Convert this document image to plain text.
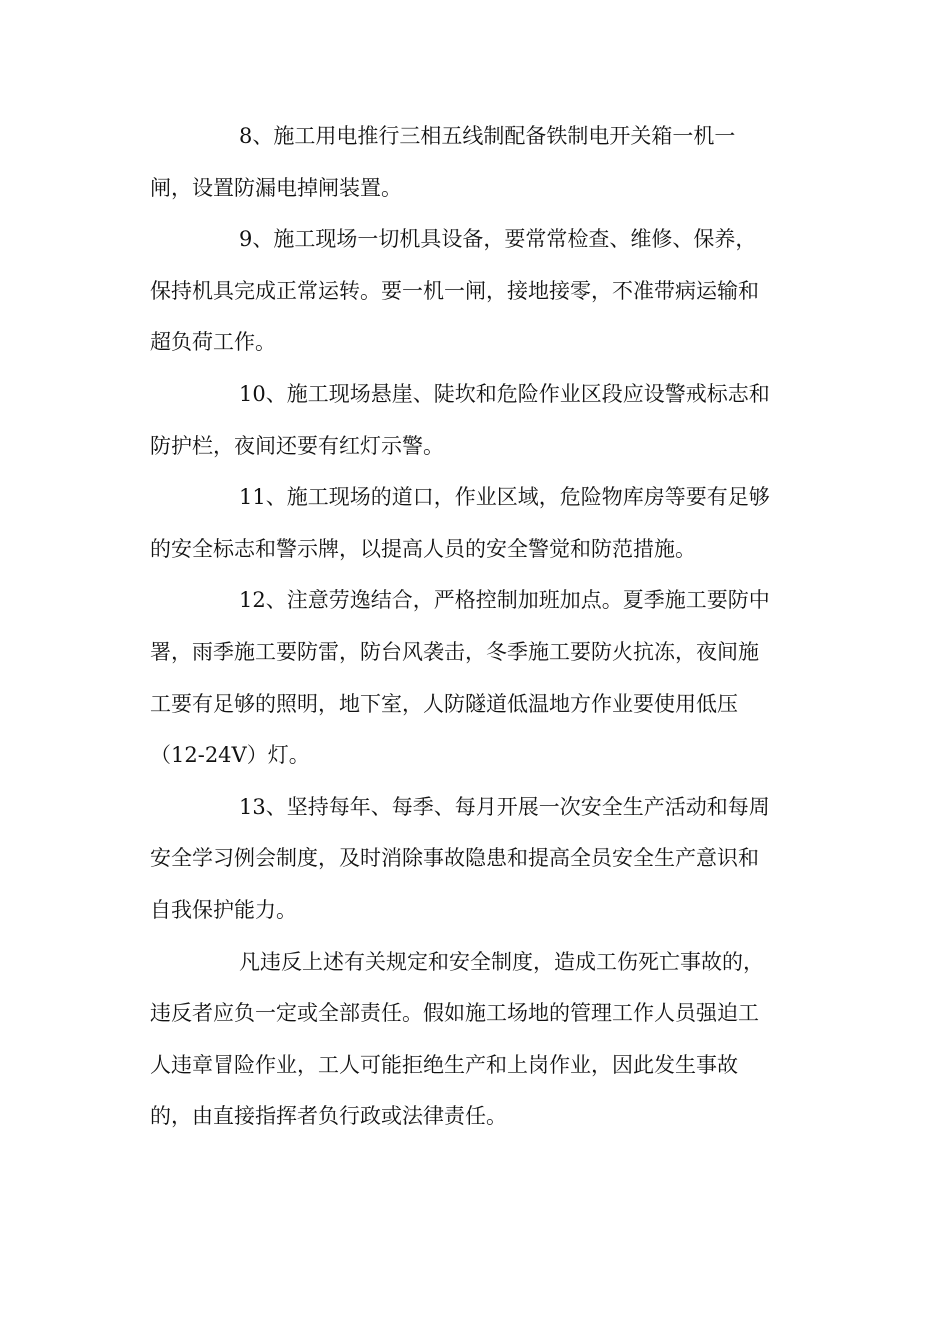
8、施工用电推行三相五线制配备铁制电开关箱一机一
闸，设置防漏电掉闸装置。
9、施工现场一切机具设备，要常常检查、维修、保养，
保持机具完成正常运转。要一机一闸，接地接零，不准带病运输和
超负荷工作。
10、施工现场悬崖、陡坎和危险作业区段应设警戒标志和
防护栏，夜间还要有红灯示警。
11、施工现场的道口，作业区域，危险物库房等要有足够
的安全标志和警示牌，以提高人员的安全警觉和防范措施。
12、注意劳逸结合，严格控制加班加点。夏季施工要防中
署，雨季施工要防雷，防台风袭击，冬季施工要防火抗冻，夜间施
工要有足够的照明，地下室，人防隧道低温地方作业要使用低压
（12-24V）灯。
13、坚持每年、每季、每月开展一次安全生产活动和每周
安全学习例会制度，及时消除事故隐患和提高全员安全生产意识和
自我保护能力。
凡违反上述有关规定和安全制度，造成工伤死亡事故的，
违反者应负一定或全部责任。假如施工场地的管理工作人员强迫工
人违章冒险作业，工人可能拒绝生产和上岗作业，因此发生事故
的，由直接指挥者负行政或法律责任。
